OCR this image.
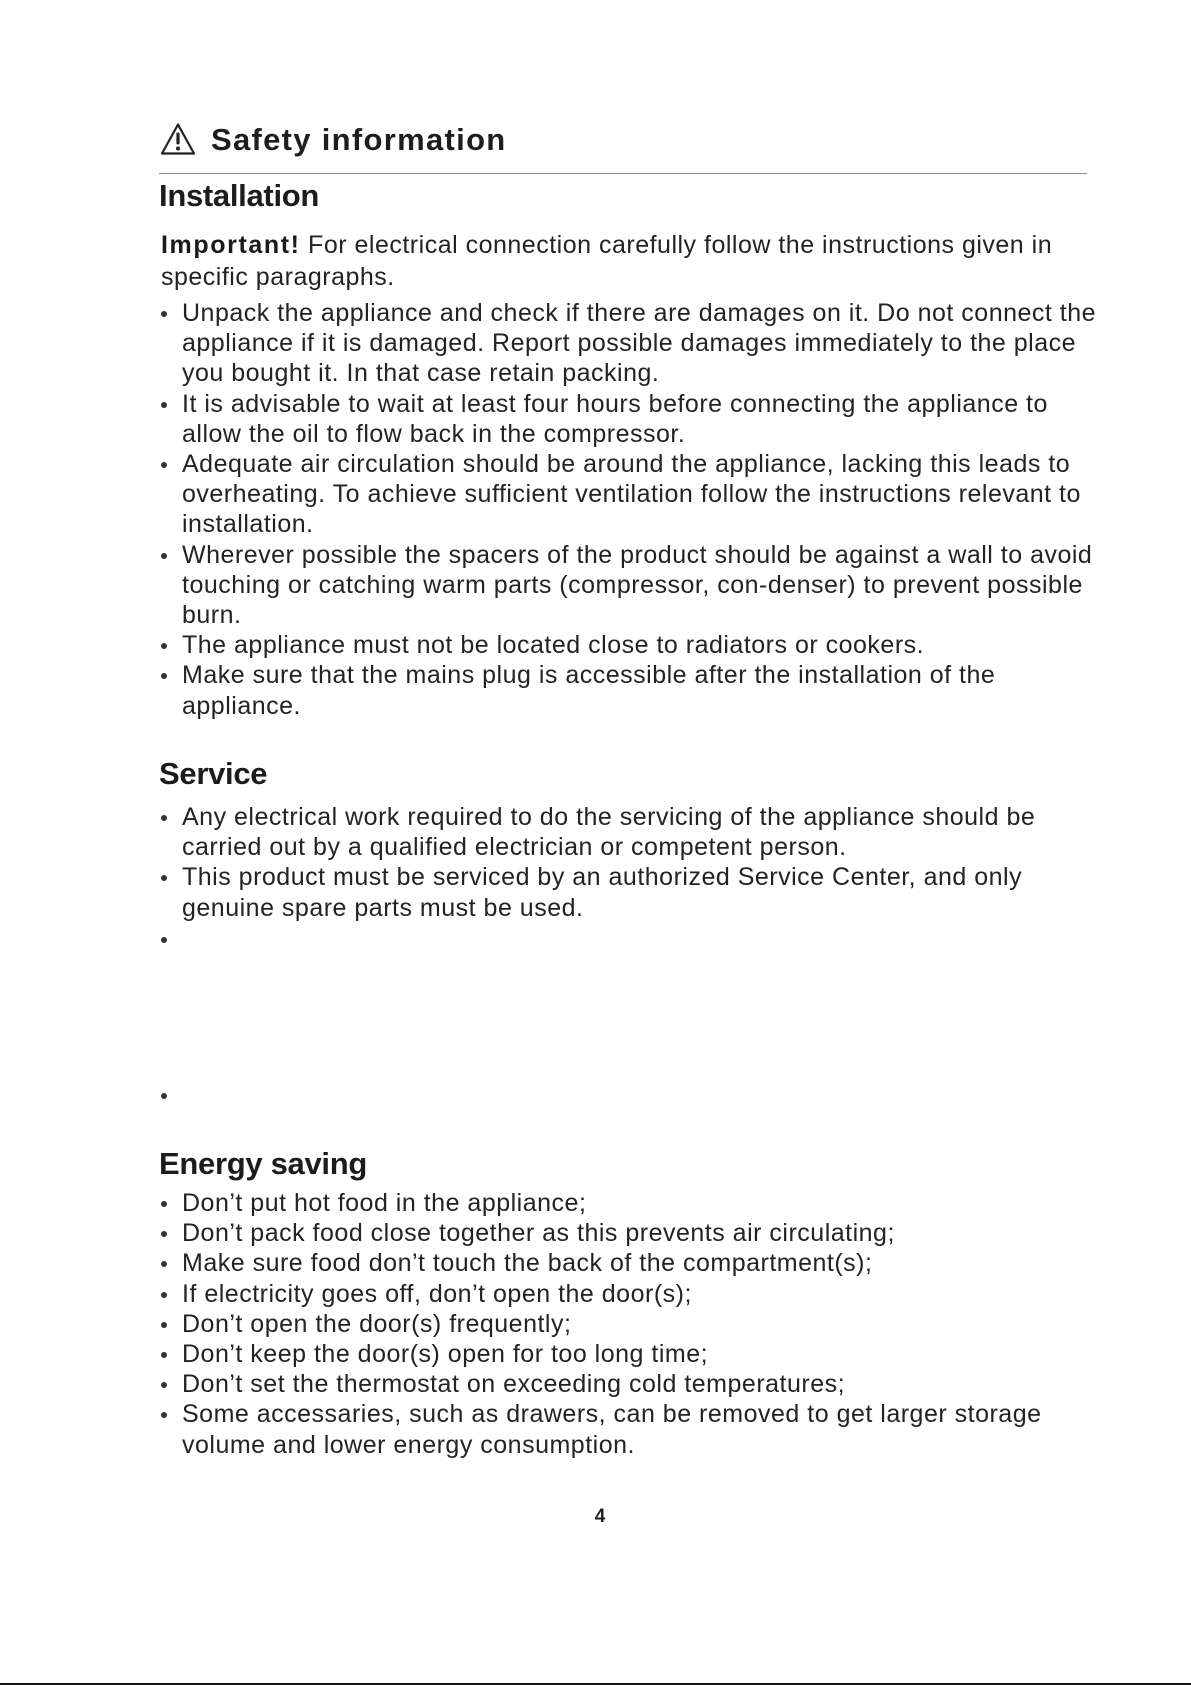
Safety information
Installation
Important! For electrical connection carefully follow the instructions given in specific paragraphs.
Unpack the appliance and check if there are damages on it. Do not connect the appliance if it is damaged. Report possible damages immediately to the place you bought it. In that case retain packing.
It is advisable to wait at least four hours before connecting the appliance to allow the oil to flow back in the compressor.
Adequate air circulation should be around the appliance, lacking this leads to overheating. To achieve sufficient ventilation follow the instructions relevant to installation.
Wherever possible the spacers of the product should be against a wall to avoid touching or catching warm parts (compressor, con-denser) to prevent possible burn.
The appliance must not be located close to radiators or cookers.
Make sure that the mains plug is accessible after the installation of the appliance.
Service
Any electrical work required to do the servicing of the appliance should be carried out by a qualified electrician or competent person.
This product must be serviced by an authorized Service Center, and only genuine spare parts must be used.
Energy saving
Don’t put hot food in the appliance;
Don’t pack food close together as this prevents air circulating;
Make sure food don’t touch the back of the compartment(s);
If electricity goes off, don’t open the door(s);
Don’t open the door(s) frequently;
Don’t keep the door(s) open for too long time;
Don’t set the thermostat on exceeding cold temperatures;
Some accessaries, such as drawers, can be removed to get larger storage volume and lower energy consumption.
4
